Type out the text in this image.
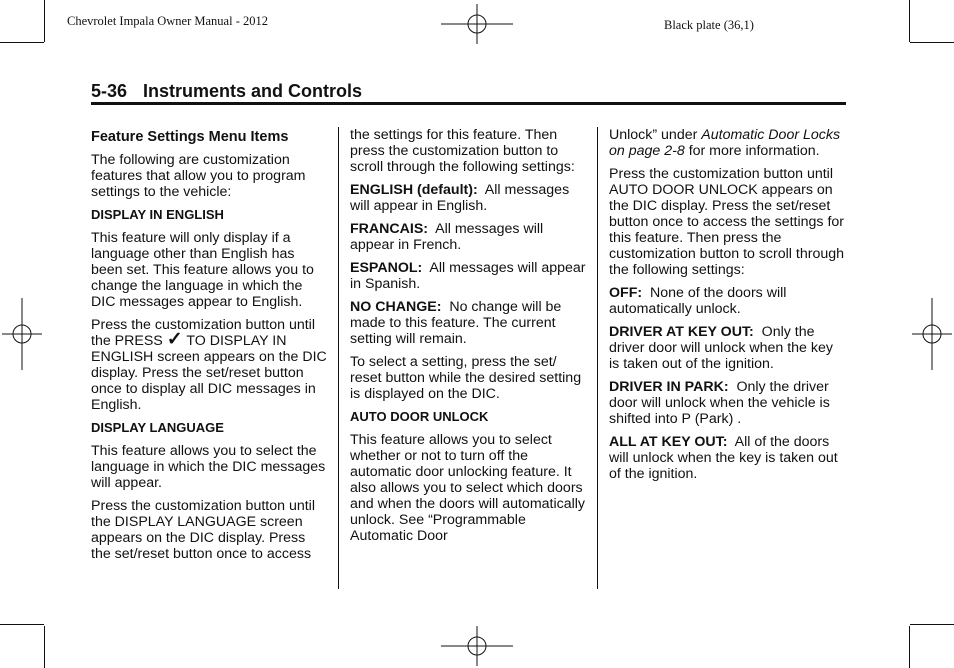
Chevrolet Impala Owner Manual - 2012	Black plate (36,1)
5-36 Instruments and Controls
Feature Settings Menu Items

The following are customization features that allow you to program settings to the vehicle:

DISPLAY IN ENGLISH

This feature will only display if a language other than English has been set. This feature allows you to change the language in which the DIC messages appear to English.

Press the customization button until the PRESS ✓ TO DISPLAY IN ENGLISH screen appears on the DIC display. Press the set/reset button once to display all DIC messages in English.

DISPLAY LANGUAGE

This feature allows you to select the language in which the DIC messages will appear.

Press the customization button until the DISPLAY LANGUAGE screen appears on the DIC display. Press the set/reset button once to access

the settings for this feature. Then press the customization button to scroll through the following settings:

ENGLISH (default): All messages will appear in English.

FRANCAIS: All messages will appear in French.

ESPANOL: All messages will appear in Spanish.

NO CHANGE: No change will be made to this feature. The current setting will remain.

To select a setting, press the set/ reset button while the desired setting is displayed on the DIC.

AUTO DOOR UNLOCK

This feature allows you to select whether or not to turn off the automatic door unlocking feature. It also allows you to select which doors and when the doors will automatically unlock. See “Programmable Automatic Door

Unlock” under Automatic Door Locks on page 2-8 for more information.

Press the customization button until AUTO DOOR UNLOCK appears on the DIC display. Press the set/reset button once to access the settings for this feature. Then press the customization button to scroll through the following settings:

OFF: None of the doors will automatically unlock.

DRIVER AT KEY OUT: Only the driver door will unlock when the key is taken out of the ignition.

DRIVER IN PARK: Only the driver door will unlock when the vehicle is shifted into P (Park) .

ALL AT KEY OUT: All of the doors will unlock when the key is taken out of the ignition.
